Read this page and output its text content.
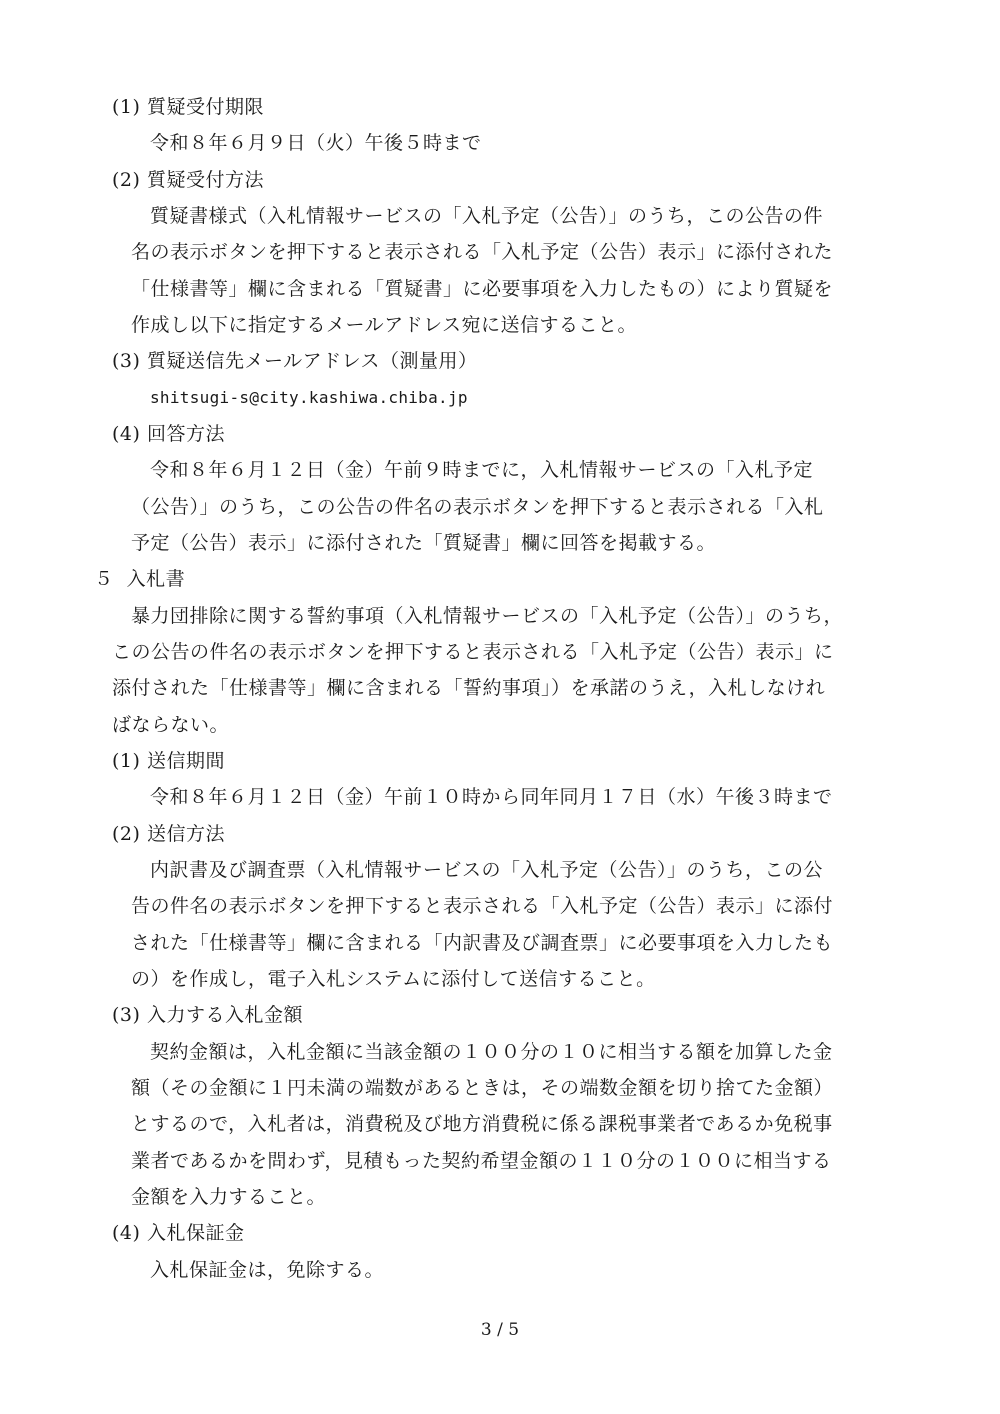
(1) 質疑受付期限
令和８年６月９日（火）午後５時まで
(2) 質疑受付方法
質疑書様式（入札情報サービスの「入札予定（公告）」のうち，この公告の件
名の表示ボタンを押下すると表示される「入札予定（公告）表示」に添付された
「仕様書等」欄に含まれる「質疑書」に必要事項を入力したもの）により質疑を
作成し以下に指定するメールアドレス宛に送信すること。
(3) 質疑送信先メールアドレス（測量用）
shitsugi-s@city.kashiwa.chiba.jp
(4) 回答方法
令和８年６月１２日（金）午前９時までに，入札情報サービスの「入札予定
（公告）」のうち，この公告の件名の表示ボタンを押下すると表示される「入札
予定（公告）表示」に添付された「質疑書」欄に回答を掲載する。
５ 入札書
暴力団排除に関する誓約事項（入札情報サービスの「入札予定（公告）」のうち，
この公告の件名の表示ボタンを押下すると表示される「入札予定（公告）表示」に
添付された「仕様書等」欄に含まれる「誓約事項」）を承諾のうえ，入札しなけれ
ばならない。
(1) 送信期間
令和８年６月１２日（金）午前１０時から同年同月１７日（水）午後３時まで
(2) 送信方法
内訳書及び調査票（入札情報サービスの「入札予定（公告）」のうち，この公
告の件名の表示ボタンを押下すると表示される「入札予定（公告）表示」に添付
された「仕様書等」欄に含まれる「内訳書及び調査票」に必要事項を入力したも
の）を作成し，電子入札システムに添付して送信すること。
(3) 入力する入札金額
契約金額は，入札金額に当該金額の１００分の１０に相当する額を加算した金
額（その金額に１円未満の端数があるときは，その端数金額を切り捨てた金額）
とするので，入札者は，消費税及び地方消費税に係る課税事業者であるか免税事
業者であるかを問わず，見積もった契約希望金額の１１０分の１００に相当する
金額を入力すること。
(4) 入札保証金
入札保証金は，免除する。
3 / 5
